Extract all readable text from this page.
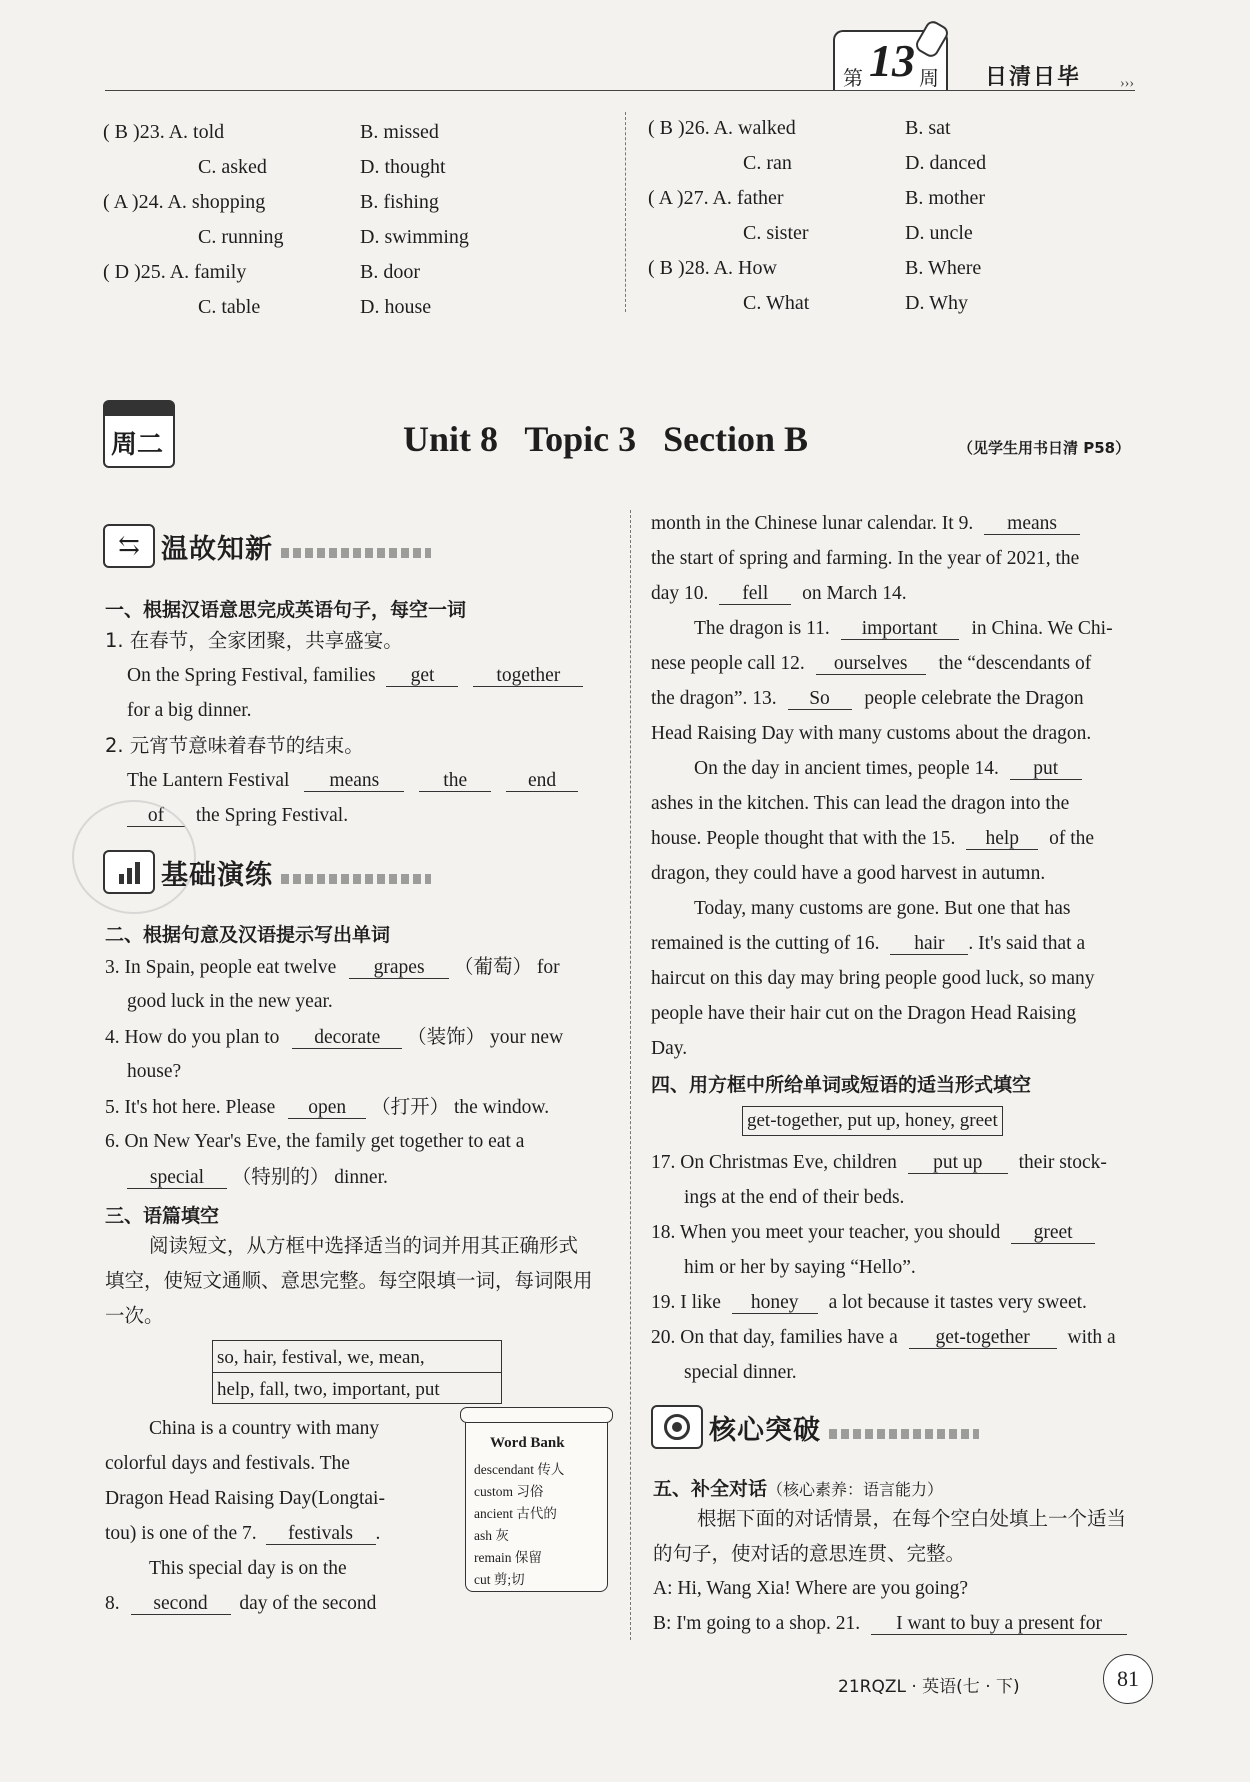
第 13 周 日清日毕	›››
( B )23. A. told	B. missed
C. asked	D. thought
( A )24. A. shopping	B. fishing
C. running	D. swimming
( D )25. A. family	B. door
C. table	D. house
( B )26. A. walked	B. sat
C. ran	D. danced
( A )27. A. father	B. mother
C. sister	D. uncle
( B )28. A. How	B. Where
C. What	D. Why
周二	Unit 8   Topic 3   Section B	（见学生用书日清 P58）
⇆ 温故知新
一、根据汉语意思完成英语句子，每空一词
1. 在春节，全家团聚，共享盛宴。
On the Spring Festival, families get	together
for a big dinner.
2. 元宵节意味着春节的结束。
The Lantern Festival means	the	end
of the Spring Festival.
基础演练
二、根据句意及汉语提示写出单词
3. In Spain, people eat twelve grapes （葡萄） for
good luck in the new year.
4. How do you plan to decorate （装饰） your new
house?
5. It's hot here. Please open （打开） the window.
6. On New Year's Eve, the family get together to eat a
special （特别的） dinner.
三、语篇填空
阅读短文，从方框中选择适当的词并用其正确形式
填空，使短文通顺、意思完整。每空限填一词，每词限用
一次。
so, hair, festival, we, mean,
help, fall, two, important, put
China is a country with many
colorful days and festivals. The
Dragon Head Raising Day(Longtai-
tou) is one of the 7. festivals .
This special day is on the
8. second day of the second
Word Bank
descendant 传人
custom 习俗
ancient 古代的
ash 灰
remain 保留
cut 剪;切
month in the Chinese lunar calendar. It 9. means
the start of spring and farming. In the year of 2021, the
day 10. fell on March 14.
The dragon is 11. important in China. We Chi-
nese people call 12. ourselves the “descendants of
the dragon”. 13. So people celebrate the Dragon
Head Raising Day with many customs about the dragon.
On the day in ancient times, people 14. put
ashes in the kitchen. This can lead the dragon into the
house. People thought that with the 15. help of the
dragon, they could have a good harvest in autumn.
Today, many customs are gone. But one that has
remained is the cutting of 16. hair . It's said that a
haircut on this day may bring people good luck, so many
people have their hair cut on the Dragon Head Raising
Day.
四、用方框中所给单词或短语的适当形式填空
get-together, put up, honey, greet
17. On Christmas Eve, children put up their stock-
ings at the end of their beds.
18. When you meet your teacher, you should greet
him or her by saying “Hello”.
19. I like honey a lot because it tastes very sweet.
20. On that day, families have a get-together with a
special dinner.
核心突破
五、补全对话（核心素养：语言能力）
根据下面的对话情景，在每个空白处填上一个适当
的句子，使对话的意思连贯、完整。
A: Hi, Wang Xia! Where are you going?
B: I'm going to a shop. 21. I want to buy a present for
21RQZL · 英语(七 · 下)	81
